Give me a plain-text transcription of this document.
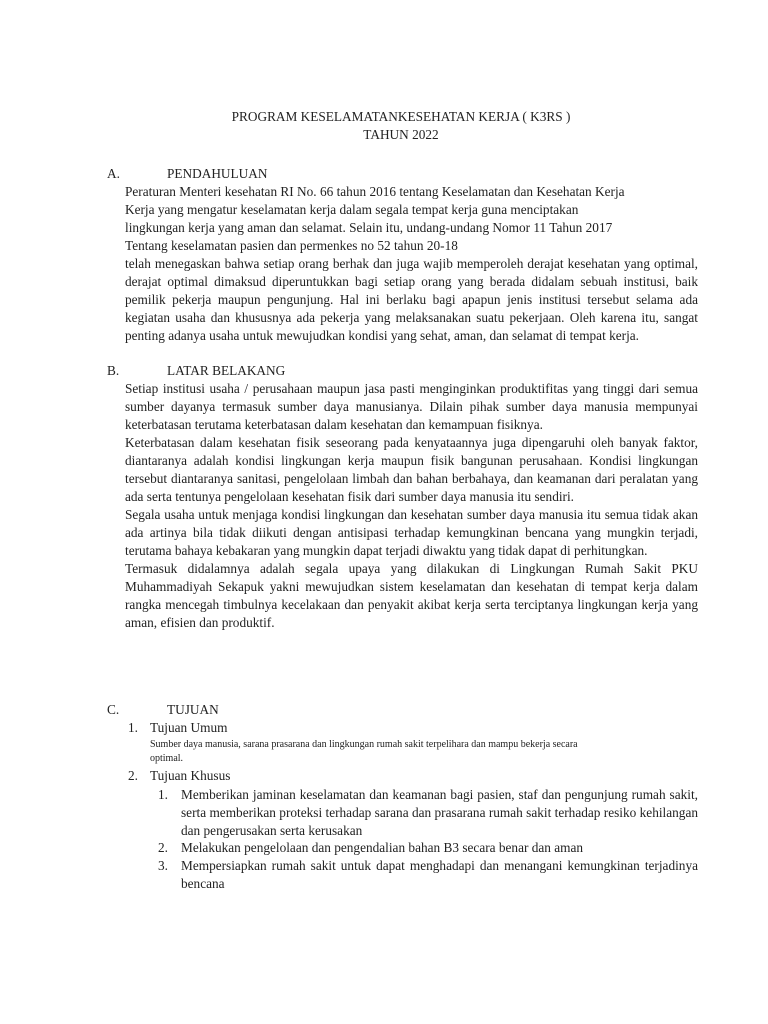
PROGRAM KESELAMATANKESEHATAN KERJA ( K3RS )
TAHUN 2022
A.	PENDAHULUAN
Peraturan Menteri kesehatan RI No. 66 tahun 2016 tentang Keselamatan dan Kesehatan Kerja
Kerja yang mengatur keselamatan kerja dalam segala tempat kerja guna menciptakan
lingkungan kerja yang aman dan selamat. Selain itu, undang-undang Nomor 11 Tahun 2017
Tentang keselamatan pasien dan permenkes no 52 tahun 20-18
telah menegaskan bahwa setiap orang berhak dan juga wajib memperoleh derajat kesehatan yang optimal, derajat optimal dimaksud diperuntukkan bagi setiap orang yang berada didalam sebuah institusi, baik pemilik pekerja maupun pengunjung. Hal ini berlaku bagi apapun jenis institusi tersebut selama ada kegiatan usaha dan khususnya ada pekerja yang melaksanakan suatu pekerjaan. Oleh karena itu, sangat penting adanya usaha untuk mewujudkan kondisi yang sehat, aman, dan selamat di tempat kerja.
B.	LATAR BELAKANG

Setiap institusi usaha / perusahaan maupun jasa pasti menginginkan produktifitas yang tinggi dari semua sumber dayanya termasuk sumber daya manusianya. Dilain pihak sumber daya manusia mempunyai keterbatasan terutama keterbatasan dalam kesehatan dan kemampuan fisiknya.

Keterbatasan dalam kesehatan fisik seseorang pada kenyataannya juga dipengaruhi oleh banyak faktor, diantaranya adalah kondisi lingkungan kerja maupun fisik bangunan perusahaan. Kondisi lingkungan tersebut diantaranya sanitasi, pengelolaan limbah dan bahan berbahaya, dan keamanan dari peralatan yang ada serta tentunya pengelolaan kesehatan fisik dari sumber daya manusia itu sendiri.

Segala usaha untuk menjaga kondisi lingkungan dan kesehatan sumber daya manusia itu semua tidak akan ada artinya bila tidak diikuti dengan antisipasi terhadap kemungkinan bencana yang mungkin terjadi, terutama bahaya kebakaran yang mungkin dapat terjadi diwaktu yang tidak dapat di perhitungkan.

Termasuk didalamnya adalah segala upaya yang dilakukan di Lingkungan Rumah Sakit PKU Muhammadiyah Sekapuk yakni mewujudkan sistem keselamatan dan kesehatan di tempat kerja dalam rangka mencegah timbulnya kecelakaan dan penyakit akibat kerja serta terciptanya lingkungan kerja yang aman, efisien dan produktif.

C.	TUJUAN
1. Tujuan Umum
Sumber daya manusia, sarana prasarana dan lingkungan rumah sakit terpelihara dan mampu bekerja secara
optimal.
2. Tujuan Khusus
1. Memberikan jaminan keselamatan dan keamanan bagi pasien, staf dan pengunjung rumah sakit, serta memberikan proteksi terhadap sarana dan prasarana rumah sakit terhadap resiko kehilangan dan pengerusakan serta kerusakan
2. Melakukan pengelolaan dan pengendalian bahan B3 secara benar dan aman
3. Mempersiapkan rumah sakit untuk dapat menghadapi dan menangani kemungkinan terjadinya bencana
